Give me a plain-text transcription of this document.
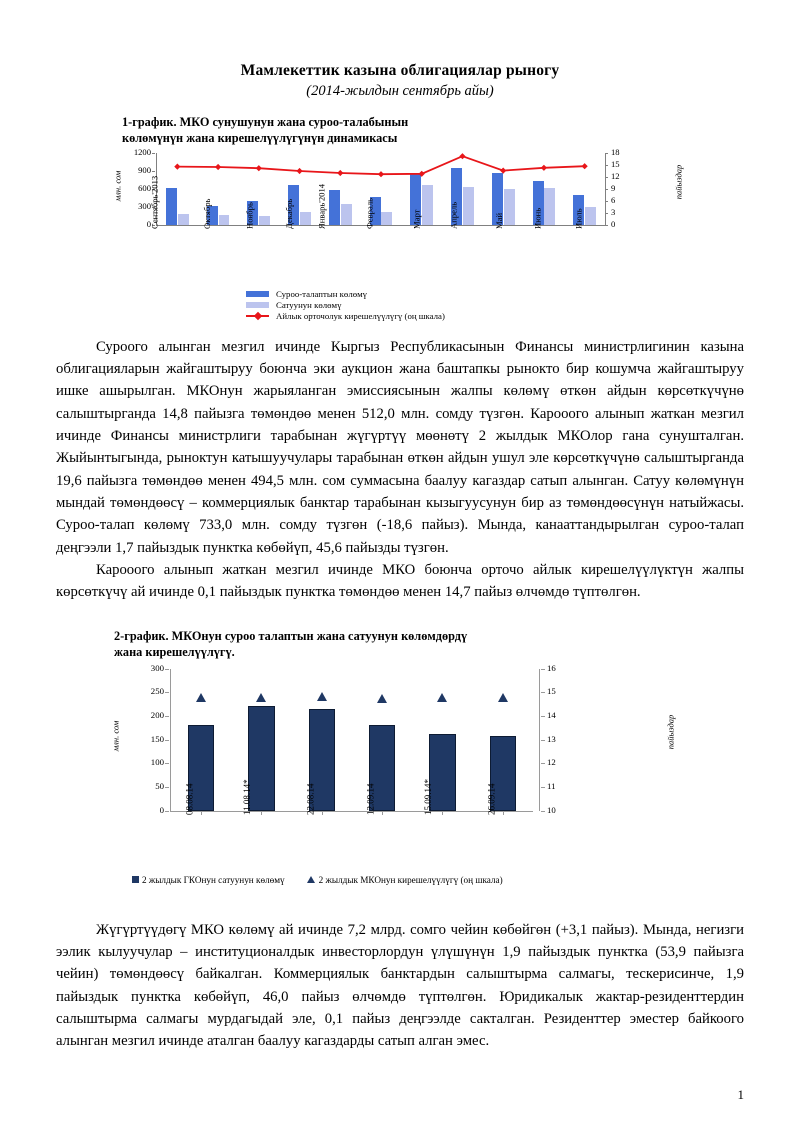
Мамлекеттик казына облигациялар рыногу
(2014-жылдын сентябрь айы)
1-график. МКО сунушунун жана суроо-талабынын
көлөмүнүн жана кирешелүүлүгүнүн динамикасы
млн. сом	пайыздар
0
300
600
900
1200
0
3
6
9
12
15
18
Сентябрь'2013	Октябрь	Ноябрь	Декабрь	Январь'2014	Февраль	Март	Апрель	Май	Июнь	Июль
Суроо-талаптын көлөмү
Сатуунун көлөмү
Айлык орточолук кирешелүүлүгү (оң шкала)

Суроого алынган мезгил ичинде Кыргыз Республикасынын Финансы министрлигинин казына облигацияларын жайгаштыруу боюнча эки аукцион жана баштапкы рынокто бир кошумча жайгаштыруу ишке ашырылган. МКОнун жарыяланган эмиссиясынын жалпы көлөмү өткөн айдын көрсөткүчүнө салыштырганда 14,8 пайызга төмөндөө менен 512,0 млн. сомду түзгөн. Карооого алынып жаткан мезгил ичинде Финансы министрлиги тарабынан жүгүртүү мөөнөтү 2 жылдык МКОлор гана сунушталган. Жыйынтыгында, рыноктун катышуучулары тарабынан өткөн айдын ушул эле көрсөткүчүнө салыштырганда 19,6 пайызга төмөндөө менен 494,5 млн. сом суммасына баалуу кагаздар сатып алынган. Сатуу көлөмүнүн мындай төмөндөөсү – коммерциялык банктар тарабынан кызыгуусунун бир аз төмөндөөсүнүн натыйжасы. Суроо-талап көлөмү 733,0 млн. сомду түзгөн (-18,6 пайыз). Мында, канааттандырылган суроо-талап деңгээли 1,7 пайыздык пунктка көбөйүп, 45,6 пайызды түзгөн.

Карооого алынып жаткан мезгил ичинде МКО боюнча орточо айлык кирешелүүлүктүн жалпы көрсөткүчү ай ичинде 0,1 пайыздык пунктка төмөндөө менен 14,7 пайыз өлчөмдө түптөлгөн.

2-график. МКОнун суроо талаптын жана сатуунун көлөмдөрдү
жана кирешелүүлүгү.
млн. сом	пайыздар
0
50
100
150
200
250
300
10
11
12
13
14
15
16
08.08.14	11.08.14*	22.08.14	12.09.14	15.09.14*	26.09.14
2 жылдык ГКОнун сатуунун көлөмү	2 жылдык МКОнун кирешелүүлүгү (оң шкала)

Жүгүртүүдөгү МКО көлөмү ай ичинде 7,2 млрд. сомго чейин көбөйгөн (+3,1 пайыз). Мында, негизги ээлик кылуучулар – институционалдык инвесторлордун үлүшүнүн 1,9 пайыздык пунктка (53,9 пайызга чейин) төмөндөөсү байкалган. Коммерциялык банктардын салыштырма салмагы, тескерисинче, 1,9 пайыздык пунктка көбөйүп, 46,0 пайыз өлчөмдө түптөлгөн. Юридикалык жактар-резиденттердин салыштырма салмагы мурдагыдай эле, 0,1 пайыз деңгээлде сакталган. Резиденттер эместер байкоого алынган мезгил ичинде аталган баалуу кагаздарды сатып алган эмес.

1
